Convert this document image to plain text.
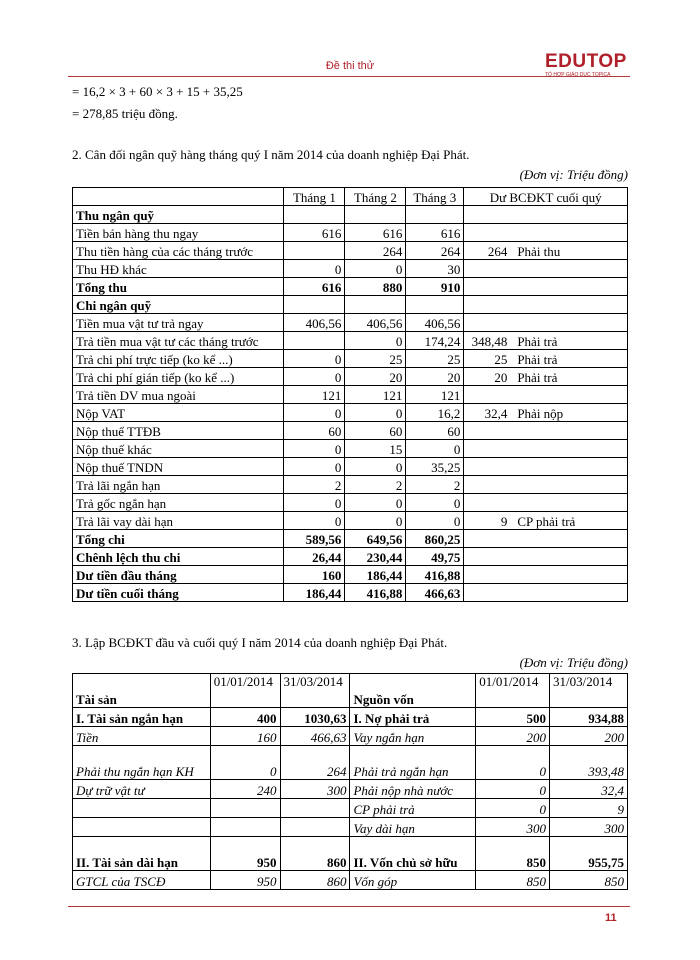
Đề thi thử	EDUTOP
TỔ HỢP GIÁO DỤC TOPICA
= 16,2 × 3 + 60 × 3 + 15 + 35,25
= 278,85 triệu đồng.
2. Cân đối ngân quỹ hàng tháng quý I năm 2014 của doanh nghiệp Đại Phát.
(Đơn vị: Triệu đồng)
	Tháng 1	Tháng 2	Tháng 3	Dư BCĐKT cuối quý
Thu ngân quỹ				
Tiền bán hàng thu ngay	616	616	616	
Thu tiền hàng của các tháng trước		264	264	264 Phải thu
Thu HĐ khác	0	0	30	
Tổng thu	616	880	910	
Chi ngân quỹ				
Tiền mua vật tư trả ngay	406,56	406,56	406,56	
Trả tiền mua vật tư các tháng trước		0	174,24	348,48 Phải trả
Trả chi phí trực tiếp (ko kể ...)	0	25	25	25 Phải trả
Trả chi phí gián tiếp (ko kể ...)	0	20	20	20 Phải trả
Trả tiền DV mua ngoài	121	121	121	
Nộp VAT	0	0	16,2	32,4 Phải nộp
Nộp thuế TTĐB	60	60	60	
Nộp thuế khác	0	15	0	
Nộp thuế TNDN	0	0	35,25	
Trả lãi ngắn hạn	2	2	2	
Trả gốc ngắn hạn	0	0	0	
Trả lãi vay dài hạn	0	0	0	9 CP phải trả
Tổng chi	589,56	649,56	860,25	
Chênh lệch thu chi	26,44	230,44	49,75	
Dư tiền đầu tháng	160	186,44	416,88	
Dư tiền cuối tháng	186,44	416,88	466,63	
3. Lập BCĐKT đầu và cuối quý I năm 2014 của doanh nghiệp Đại Phát.
(Đơn vị: Triệu đồng)
Tài sản	01/01/2014	31/03/2014	Nguồn vốn	01/01/2014	31/03/2014
I. Tài sản ngắn hạn	400	1030,63	I. Nợ phải trả	500	934,88
Tiền	160	466,63	Vay ngắn hạn	200	200
Phải thu ngắn hạn KH	0	264	Phải trả ngắn hạn	0	393,48
Dự trữ vật tư	240	300	Phải nộp nhà nước	0	32,4
			CP phải trả	0	9
			Vay dài hạn	300	300
II. Tài sản dài hạn	950	860	II. Vốn chủ sở hữu	850	955,75
GTCL của TSCĐ	950	860	Vốn góp	850	850
11
